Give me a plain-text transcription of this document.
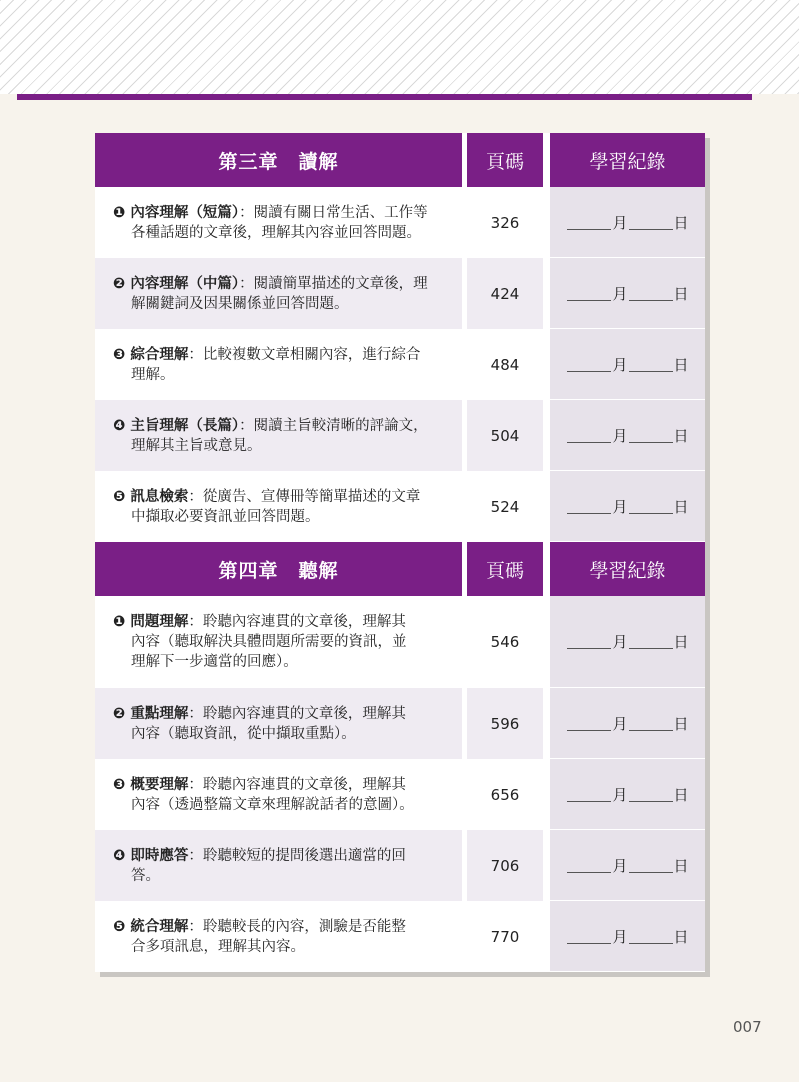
第三章　讀解	頁碼	學習紀錄
❶ 內容理解（短篇）：閱讀有關日常生活、工作等
各種話題的文章後，理解其內容並回答問題。
326	月	日
❷ 內容理解（中篇）：閱讀簡單描述的文章後，理
解關鍵詞及因果關係並回答問題。
424	月	日
❸ 綜合理解：比較複數文章相關內容，進行綜合
理解。
484	月	日
❹ 主旨理解（長篇）：閱讀主旨較清晰的評論文，
理解其主旨或意見。
504	月	日
❺ 訊息檢索：從廣告、宣傳冊等簡單描述的文章
中擷取必要資訊並回答問題。
524	月	日
第四章　聽解	頁碼	學習紀錄
❶ 問題理解：聆聽內容連貫的文章後，理解其
內容（聽取解決具體問題所需要的資訊，並
理解下一步適當的回應）。
546	月	日
❷ 重點理解：聆聽內容連貫的文章後，理解其
內容（聽取資訊，從中擷取重點）。
596	月	日
❸ 概要理解：聆聽內容連貫的文章後，理解其
內容（透過整篇文章來理解說話者的意圖）。
656	月	日
❹ 即時應答：聆聽較短的提問後選出適當的回
答。
706	月	日
❺ 統合理解：聆聽較長的內容，測驗是否能整
合多項訊息，理解其內容。
770	月	日
007
